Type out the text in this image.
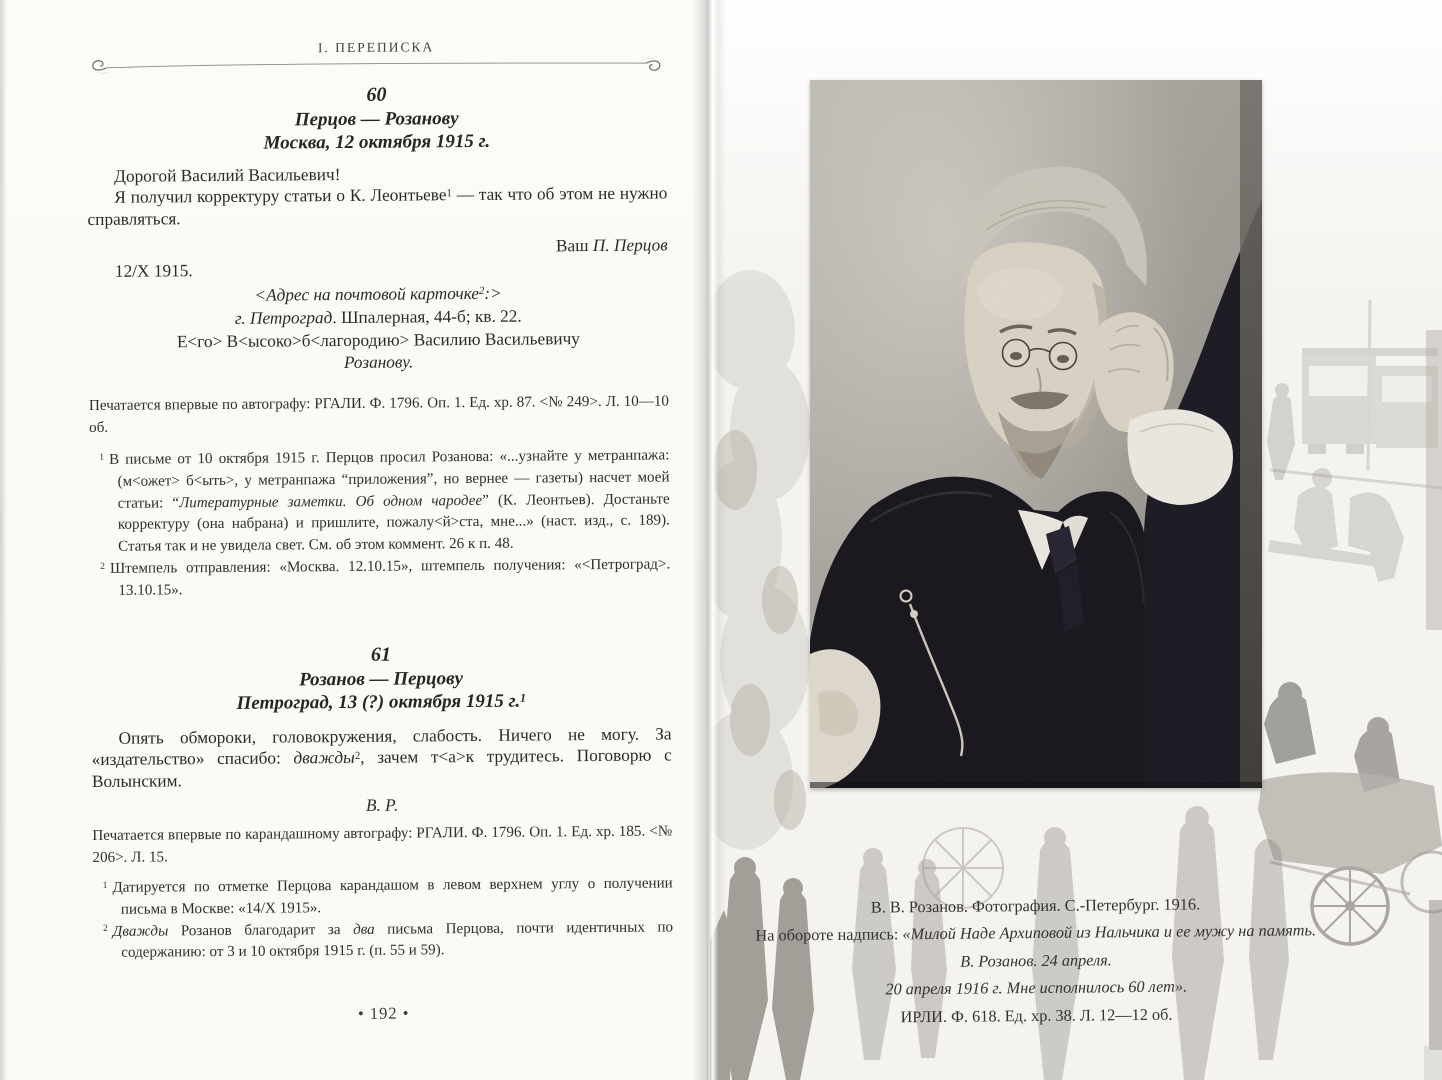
I. ПЕРЕПИСКА
60
Перцов — Розанову
Москва, 12 октября 1915 г.
Дорогой Василий Васильевич!
Я получил корректуру статьи о К. Леонтьеве$^1$ — так что об этом не нужно справляться.
Ваш П. Перцов
12/X 1915.
<Адрес на почтовой карточке$^2$:>
г. Петроград. Шпалерная, 44-б; кв. 22.
Е<го> В<ысоко>б<лагородию> Василию Васильевичу
Розанову.
Печатается впервые по автографу: РГАЛИ. Ф. 1796. Оп. 1. Ед. хр. 87. <№ 249>. Л. 10—10 об.
$^1$ В письме от 10 октября 1915 г. Перцов просил Розанова: «...узнайте у метранпажа: (м<ожет> б<ыть>, у метранпажа “приложения”, но вернее — газеты) насчет моей статьи: “Литературные заметки. Об одном чародее” (К. Леонтьев). Достаньте корректуру (она набрана) и пришлите, пожалу<й>ста, мне...» (наст. изд., с. 189). Статья так и не увидела свет. См. об этом коммент. 26 к п. 48.
$^2$ Штемпель отправления: «Москва. 12.10.15», штемпель получения: «<Петроград>. 13.10.15».
61
Розанов — Перцову
Петроград, 13 (?) октября 1915 г.$^1$
Опять обмороки, головокружения, слабость. Ничего не могу. За «издательство» спасибо: дважды$^2$, зачем т<а>к трудитесь. Поговорю с Волынским.
В. Р.
Печатается впервые по карандашному автографу: РГАЛИ. Ф. 1796. Оп. 1. Ед. хр. 185. <№ 206>. Л. 15.
$^1$ Датируется по отметке Перцова карандашом в левом верхнем углу о получении письма в Москве: «14/X 1915».
$^2$ Дважды Розанов благодарит за два письма Перцова, почти идентичных по содержанию: от 3 и 10 октября 1915 г. (п. 55 и 59).
• 192 •
В. В. Розанов. Фотография. С.-Петербург. 1916.
На обороте надпись: «Милой Наде Архиповой из Нальчика и ее мужу на память.
В. Розанов. 24 апреля.
20 апреля 1916 г. Мне исполнилось 60 лет».
ИРЛИ. Ф. 618. Ед. хр. 38. Л. 12—12 об.
